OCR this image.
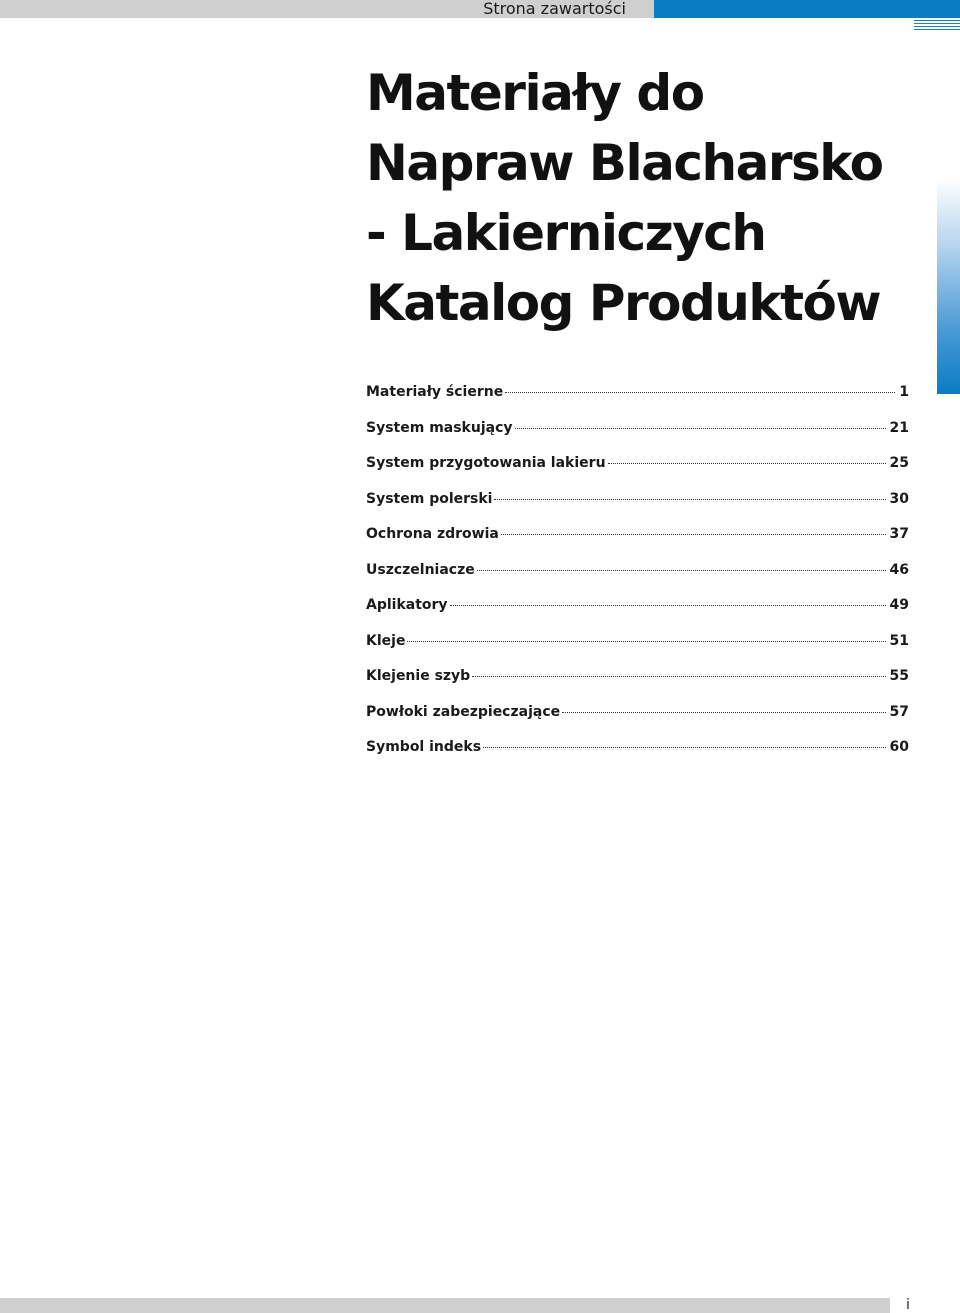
Strona zawartości
Materiały do
Napraw Blacharsko
- Lakierniczych
Katalog Produktów
Materiały ścierne	1
System maskujący	21
System przygotowania lakieru	25
System polerski	30
Ochrona zdrowia	37
Uszczelniacze	46
Aplikatory	49
Kleje	51
Klejenie szyb	55
Powłoki zabezpieczające	57
Symbol indeks	60
i
